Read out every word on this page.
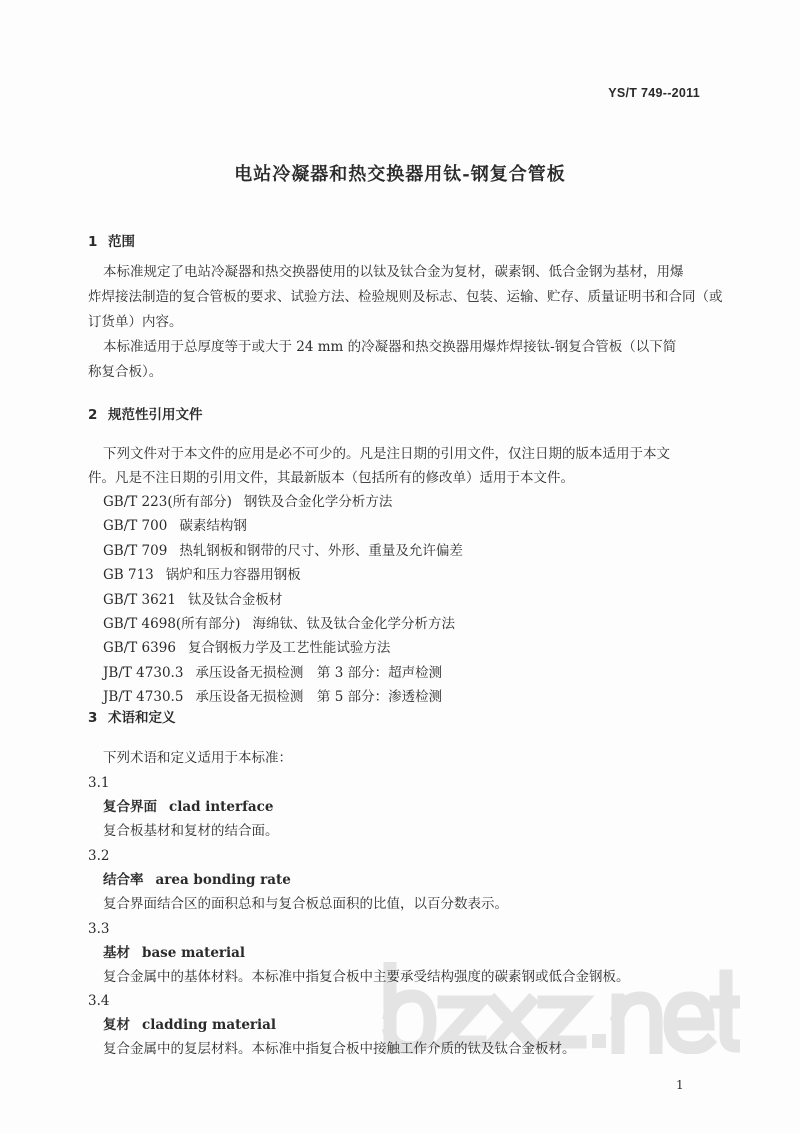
YS/T 749--2011
电站冷凝器和热交换器用钛-钢复合管板
1 范围
本标准规定了电站冷凝器和热交换器使用的以钛及钛合金为复材，碳素钢、低合金钢为基材，用爆
炸焊接法制造的复合管板的要求、试验方法、检验规则及标志、包装、运输、贮存、质量证明书和合同（或
订货单）内容。
本标准适用于总厚度等于或大于 24 mm 的冷凝器和热交换器用爆炸焊接钛-钢复合管板（以下简
称复合板）。
2 规范性引用文件
下列文件对于本文件的应用是必不可少的。凡是注日期的引用文件，仅注日期的版本适用于本文
件。凡是不注日期的引用文件，其最新版本（包括所有的修改单）适用于本文件。
GB/T 223(所有部分) 钢铁及合金化学分析方法
GB/T 700 碳素结构钢
GB/T 709 热轧钢板和钢带的尺寸、外形、重量及允许偏差
GB 713 锅炉和压力容器用钢板
GB/T 3621 钛及钛合金板材
GB/T 4698(所有部分) 海绵钛、钛及钛合金化学分析方法
GB/T 6396 复合钢板力学及工艺性能试验方法
JB/T 4730.3 承压设备无损检测　第 3 部分：超声检测
JB/T 4730.5 承压设备无损检测　第 5 部分：渗透检测
3 术语和定义
下列术语和定义适用于本标准：
3.1
复合界面 clad interface
复合板基材和复材的结合面。
3.2
结合率 area bonding rate
复合界面结合区的面积总和与复合板总面积的比值，以百分数表示。
3.3
基材 base material
复合金属中的基体材料。本标准中指复合板中主要承受结构强度的碳素钢或低合金钢板。
3.4
复材 cladding material
复合金属中的复层材料。本标准中指复合板中接触工作介质的钛及钛合金板材。
1
